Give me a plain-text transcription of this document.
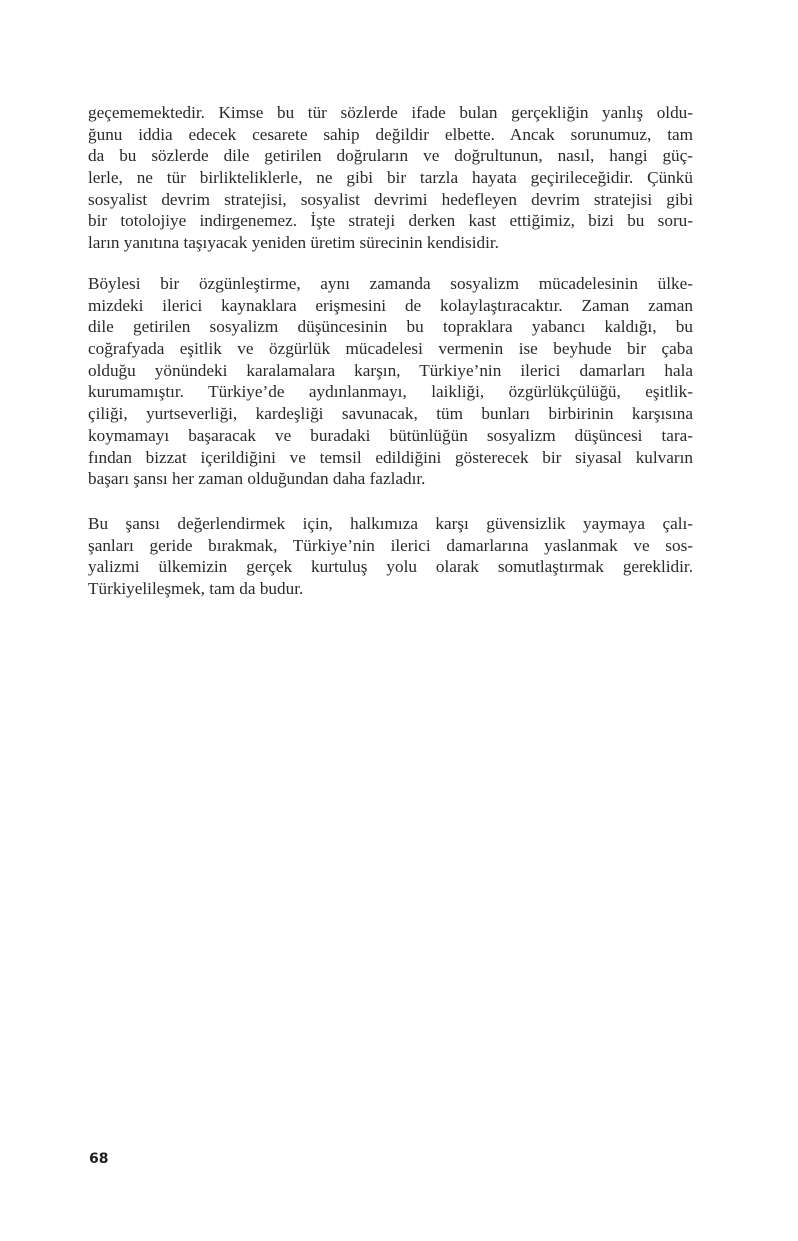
geçememektedir. Kimse bu tür sözlerde ifade bulan gerçekliğin yanlış oldu-
ğunu iddia edecek cesarete sahip değildir elbette. Ancak sorunumuz, tam
da bu sözlerde dile getirilen doğruların ve doğrultunun, nasıl, hangi güç-
lerle, ne tür birlikteliklerle, ne gibi bir tarzla hayata geçirileceğidir. Çünkü
sosyalist devrim stratejisi, sosyalist devrimi hedefleyen devrim stratejisi gibi
bir totolojiye indirgenemez. İşte strateji derken kast ettiğimiz, bizi bu soru-
ların yanıtına taşıyacak yeniden üretim sürecinin kendisidir.

Böylesi bir özgünleştirme, aynı zamanda sosyalizm mücadelesinin ülke-
mizdeki ilerici kaynaklara erişmesini de kolaylaştıracaktır. Zaman zaman
dile getirilen sosyalizm düşüncesinin bu topraklara yabancı kaldığı, bu
coğrafyada eşitlik ve özgürlük mücadelesi vermenin ise beyhude bir çaba
olduğu yönündeki karalamalara karşın, Türkiye’nin ilerici damarları hala
kurumamıştır. Türkiye’de aydınlanmayı, laikliği, özgürlükçülüğü, eşitlik-
çiliği, yurtseverliği, kardeşliği savunacak, tüm bunları birbirinin karşısına
koymamayı başaracak ve buradaki bütünlüğün sosyalizm düşüncesi tara-
fından bizzat içerildiğini ve temsil edildiğini gösterecek bir siyasal kulvarın
başarı şansı her zaman olduğundan daha fazladır.

Bu şansı değerlendirmek için, halkımıza karşı güvensizlik yaymaya çalı-
şanları geride bırakmak, Türkiye’nin ilerici damarlarına yaslanmak ve sos-
yalizmi ülkemizin gerçek kurtuluş yolu olarak somutlaştırmak gereklidir.
Türkiyelileşmek, tam da budur.

68
